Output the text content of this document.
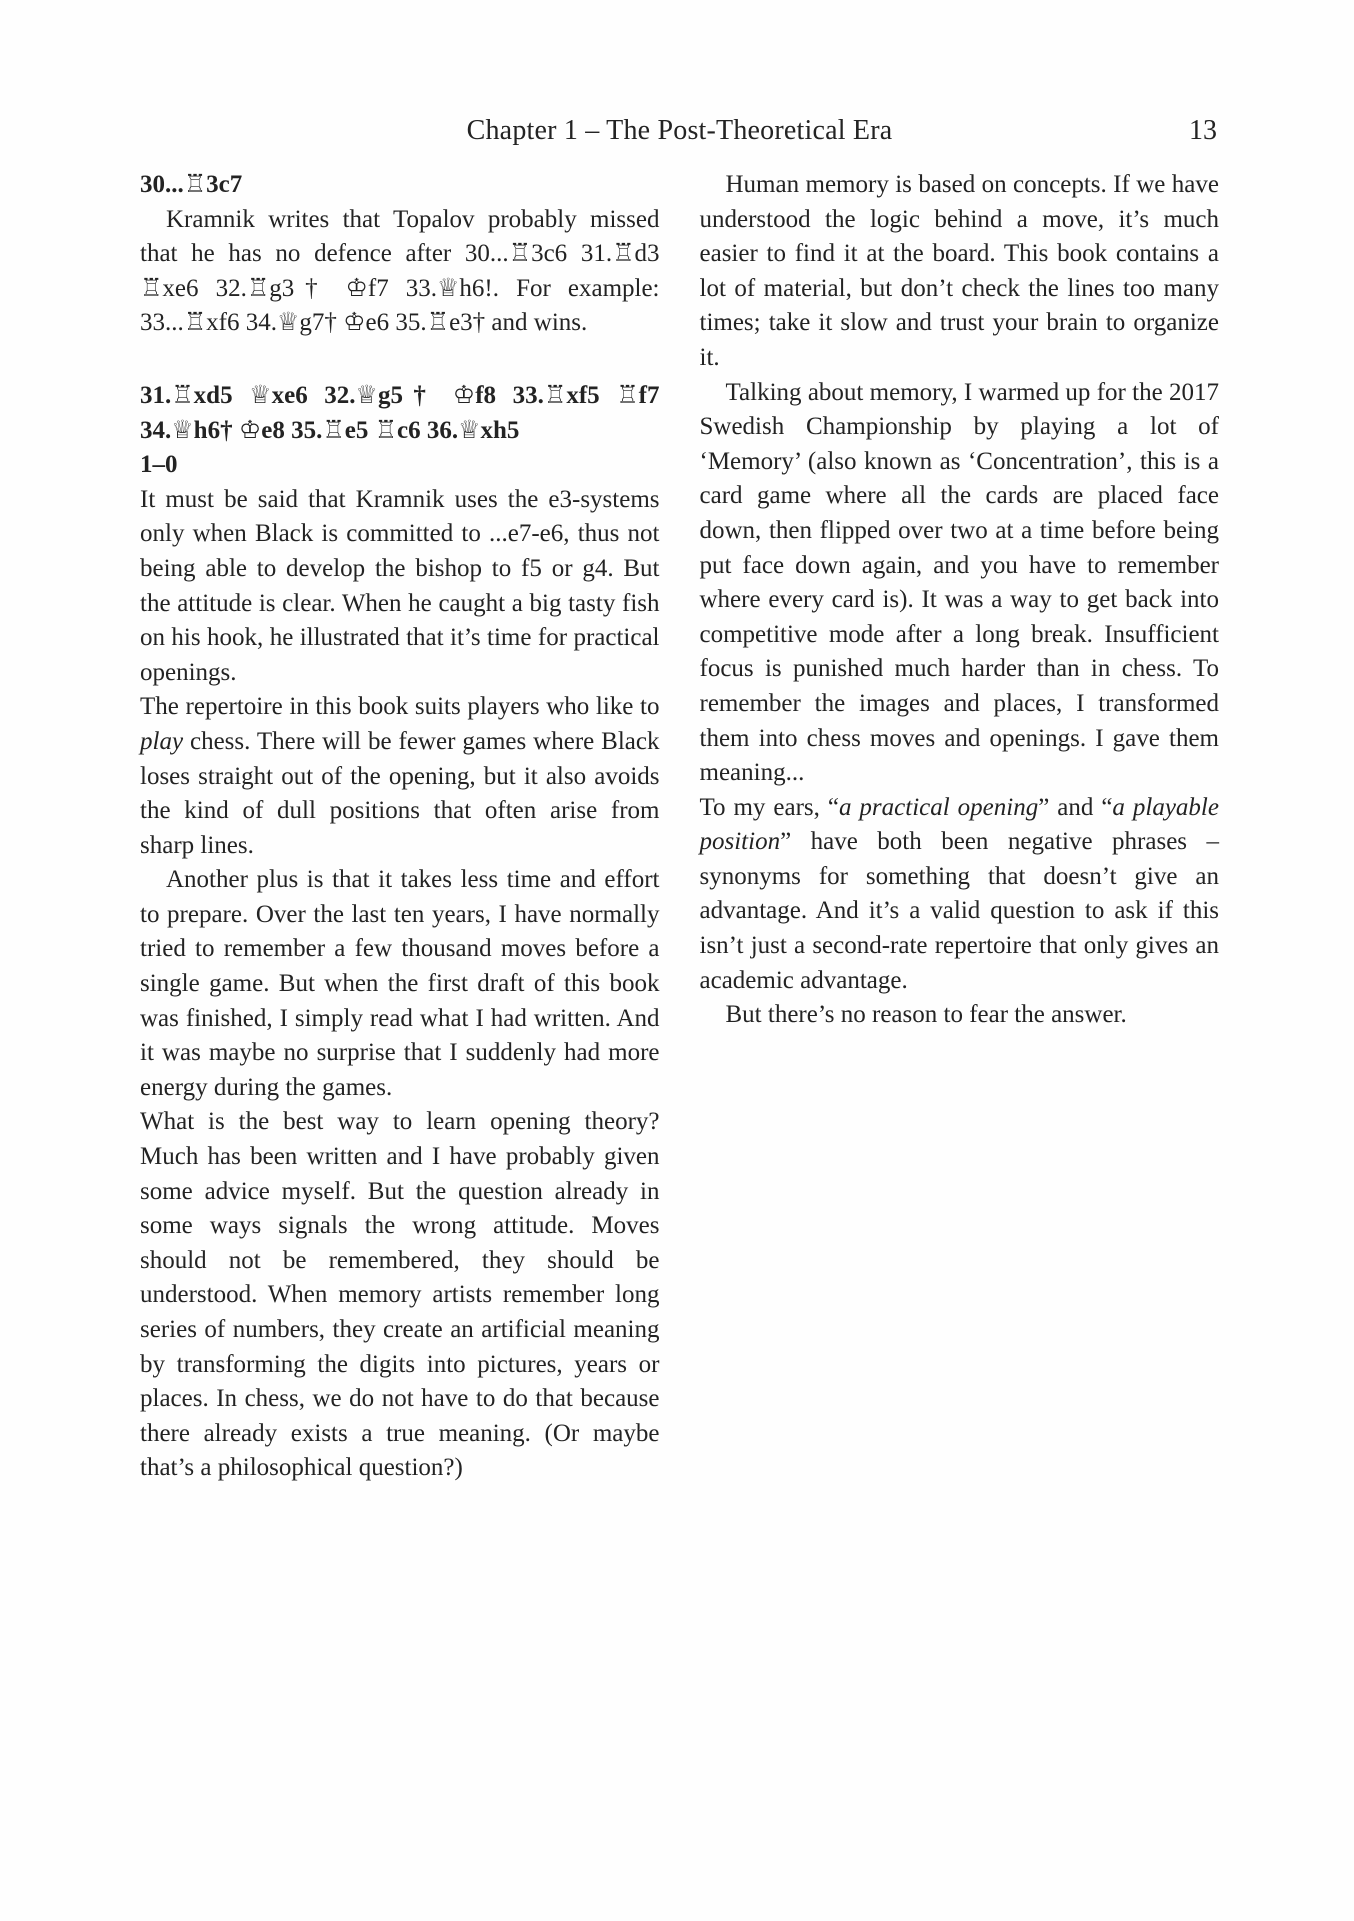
Chapter 1 – The Post-Theoretical Era	13

30...♖3c7

Kramnik writes that Topalov probably missed that he has no defence after 30...♖3c6 31.♖d3 ♖xe6 32.♖g3† ♔f7 33.♕h6!. For example: 33...♖xf6 34.♕g7† ♔e6 35.♖e3† and wins.

31.♖xd5 ♕xe6 32.♕g5† ♔f8 33.♖xf5 ♖f7

34.♕h6† ♔e8 35.♖e5 ♖c6 36.♕xh5

1–0

It must be said that Kramnik uses the e3-systems only when Black is committed to ...e7-e6, thus not being able to develop the bishop to f5 or g4. But the attitude is clear. When he caught a big tasty fish on his hook, he illustrated that it’s time for practical openings.

The repertoire in this book suits players who like to play chess. There will be fewer games where Black loses straight out of the opening, but it also avoids the kind of dull positions that often arise from sharp lines.

Another plus is that it takes less time and effort to prepare. Over the last ten years, I have normally tried to remember a few thousand moves before a single game. But when the first draft of this book was finished, I simply read what I had written. And it was maybe no surprise that I suddenly had more energy during the games.

What is the best way to learn opening theory? Much has been written and I have probably given some advice myself. But the question already in some ways signals the wrong attitude. Moves should not be remembered, they should be understood. When memory artists remember long series of numbers, they create an artificial meaning by transforming the digits into pictures, years or places. In chess, we do not have to do that because there already exists a true meaning. (Or maybe that’s a philosophical question?)

Human memory is based on concepts. If we have understood the logic behind a move, it’s much easier to find it at the board. This book contains a lot of material, but don’t check the lines too many times; take it slow and trust your brain to organize it.

Talking about memory, I warmed up for the 2017 Swedish Championship by playing a lot of ‘Memory’ (also known as ‘Concentration’, this is a card game where all the cards are placed face down, then flipped over two at a time before being put face down again, and you have to remember where every card is). It was a way to get back into competitive mode after a long break. Insufficient focus is punished much harder than in chess. To remember the images and places, I transformed them into chess moves and openings. I gave them meaning...

To my ears, “a practical opening” and “a playable position” have both been negative phrases – synonyms for something that doesn’t give an advantage. And it’s a valid question to ask if this isn’t just a second-rate repertoire that only gives an academic advantage.

But there’s no reason to fear the answer.
